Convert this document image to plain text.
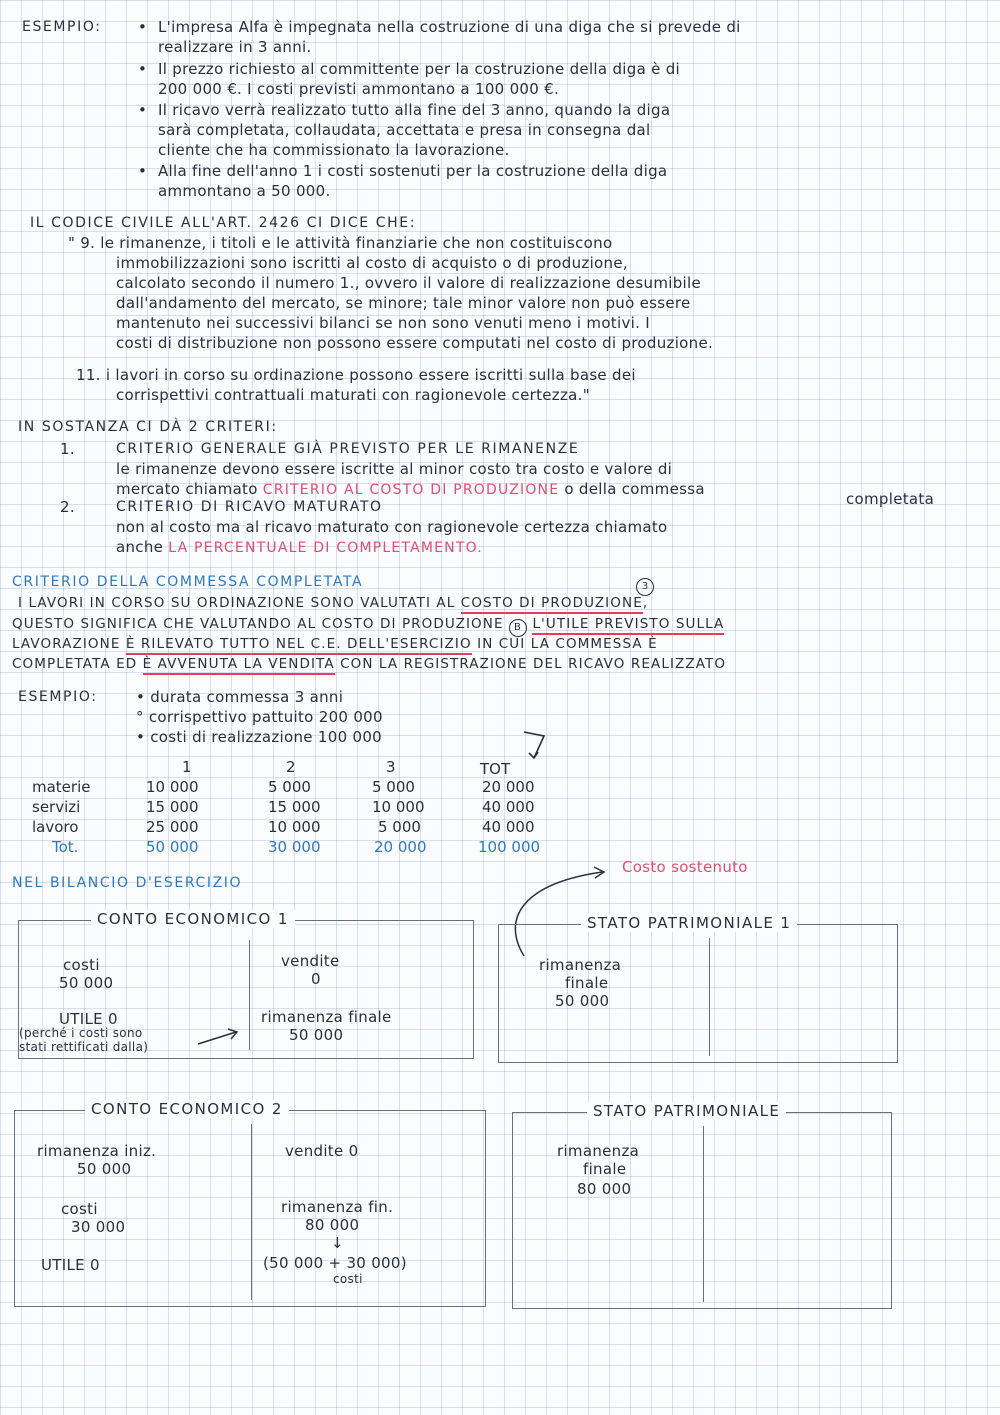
ESEMPIO: • L'impresa Alfa è impegnata nella costruzione di una diga che si prevede di
realizzare in 3 anni.
• Il prezzo richiesto al committente per la costruzione della diga è di
200 000 €. I costi previsti ammontano a 100 000 €.
• Il ricavo verrà realizzato tutto alla fine del 3 anno, quando la diga
sarà completata, collaudata, accettata e presa in consegna dal
cliente che ha commissionato la lavorazione.
• Alla fine dell'anno 1 i costi sostenuti per la costruzione della diga
ammontano a 50 000.
IL CODICE CIVILE ALL'ART. 2426 CI DICE CHE:
" 9. le rimanenze, i titoli e le attività finanziarie che non costituiscono
immobilizzazioni sono iscritti al costo di acquisto o di produzione,
calcolato secondo il numero 1., ovvero il valore di realizzazione desumibile
dall'andamento del mercato, se minore; tale minor valore non può essere
mantenuto nei successivi bilanci se non sono venuti meno i motivi. I
costi di distribuzione non possono essere computati nel costo di produzione.
11. i lavori in corso su ordinazione possono essere iscritti sulla base dei
corrispettivi contrattuali maturati con ragionevole certezza."
IN SOSTANZA CI DÀ 2 CRITERI:
1.	CRITERIO GENERALE GIÀ PREVISTO PER LE RIMANENZE
le rimanenze devono essere iscritte al minor costo tra costo e valore di
mercato chiamato CRITERIO AL COSTO DI PRODUZIONE o della commessa
completata
2.	CRITERIO DI RICAVO MATURATO
non al costo ma al ricavo maturato con ragionevole certezza chiamato
anche LA PERCENTUALE DI COMPLETAMENTO.
CRITERIO DELLA COMMESSA COMPLETATA	3
I LAVORI IN CORSO SU ORDINAZIONE SONO VALUTATI AL COSTO DI PRODUZIONE,
QUESTO SIGNIFICA CHE VALUTANDO AL COSTO DI PRODUZIONE B L'UTILE PREVISTO SULLA
LAVORAZIONE È RILEVATO TUTTO NEL C.E. DELL'ESERCIZIO IN CUI LA COMMESSA È
COMPLETATA ED È AVVENUTA LA VENDITA CON LA REGISTRAZIONE DEL RICAVO REALIZZATO
ESEMPIO:	• durata commessa 3 anni
° corrispettivo pattuito 200 000
• costi di realizzazione 100 000
1	2	3	TOT
materie	10 000	5 000	5 000	20 000
servizi	15 000	15 000	10 000	40 000
lavoro	25 000	10 000	5 000	40 000
Tot.	50 000	30 000	20 000	100 000
NEL BILANCIO D'ESERCIZIO
Costo sostenuto
CONTO ECONOMICO 1
costi
50 000
vendite
0
UTILE 0
(perché i costi sono
stati rettificati dalla)
rimanenza finale
50 000
STATO PATRIMONIALE 1
rimanenza
finale
50 000
CONTO ECONOMICO 2
rimanenza iniz.
50 000
vendite 0
costi
30 000
rimanenza fin.
80 000
↓
(50 000 + 30 000)
costi
UTILE 0
STATO PATRIMONIALE
rimanenza
finale
80 000
